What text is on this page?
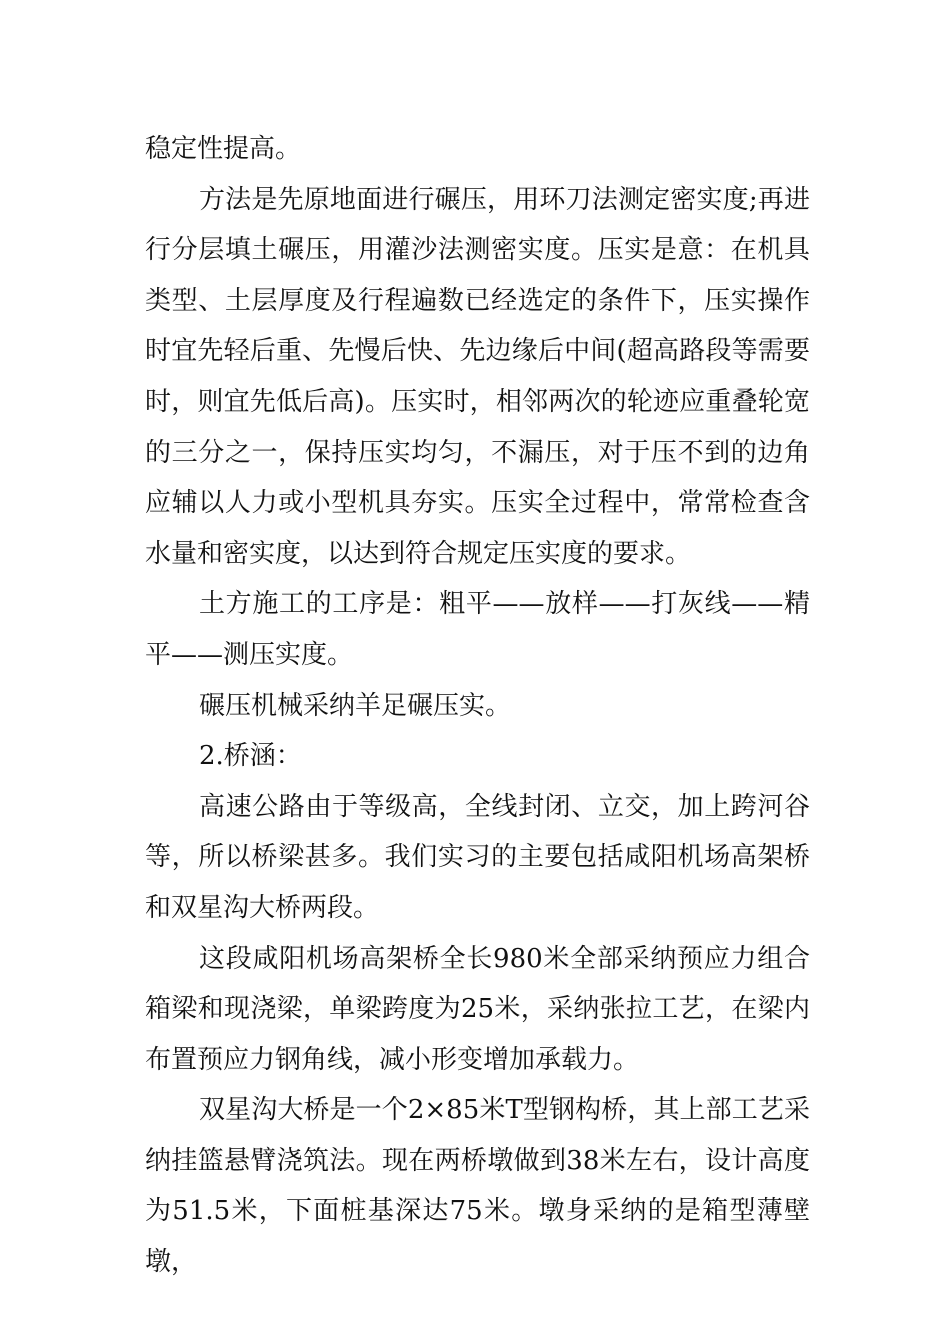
稳定性提高。

方法是先原地面进行碾压，用环刀法测定密实度;再进行分层填土碾压，用灌沙法测密实度。压实是意：在机具类型、土层厚度及行程遍数已经选定的条件下，压实操作时宜先轻后重、先慢后快、先边缘后中间(超高路段等需要时，则宜先低后高)。压实时，相邻两次的轮迹应重叠轮宽的三分之一，保持压实均匀，不漏压，对于压不到的边角应辅以人力或小型机具夯实。压实全过程中，常常检查含水量和密实度，以达到符合规定压实度的要求。

土方施工的工序是：粗平——放样——打灰线——精平——测压实度。

碾压机械采纳羊足碾压实。

2.桥涵：

高速公路由于等级高，全线封闭、立交，加上跨河谷等，所以桥梁甚多。我们实习的主要包括咸阳机场高架桥和双星沟大桥两段。

这段咸阳机场高架桥全长980米全部采纳预应力组合箱梁和现浇梁，单梁跨度为25米，采纳张拉工艺，在梁内布置预应力钢角线，减小形变增加承载力。

双星沟大桥是一个2×85米T型钢构桥，其上部工艺采纳挂篮悬臂浇筑法。现在两桥墩做到38米左右，设计高度为51.5米，下面桩基深达75米。墩身采纳的是箱型薄壁墩，
